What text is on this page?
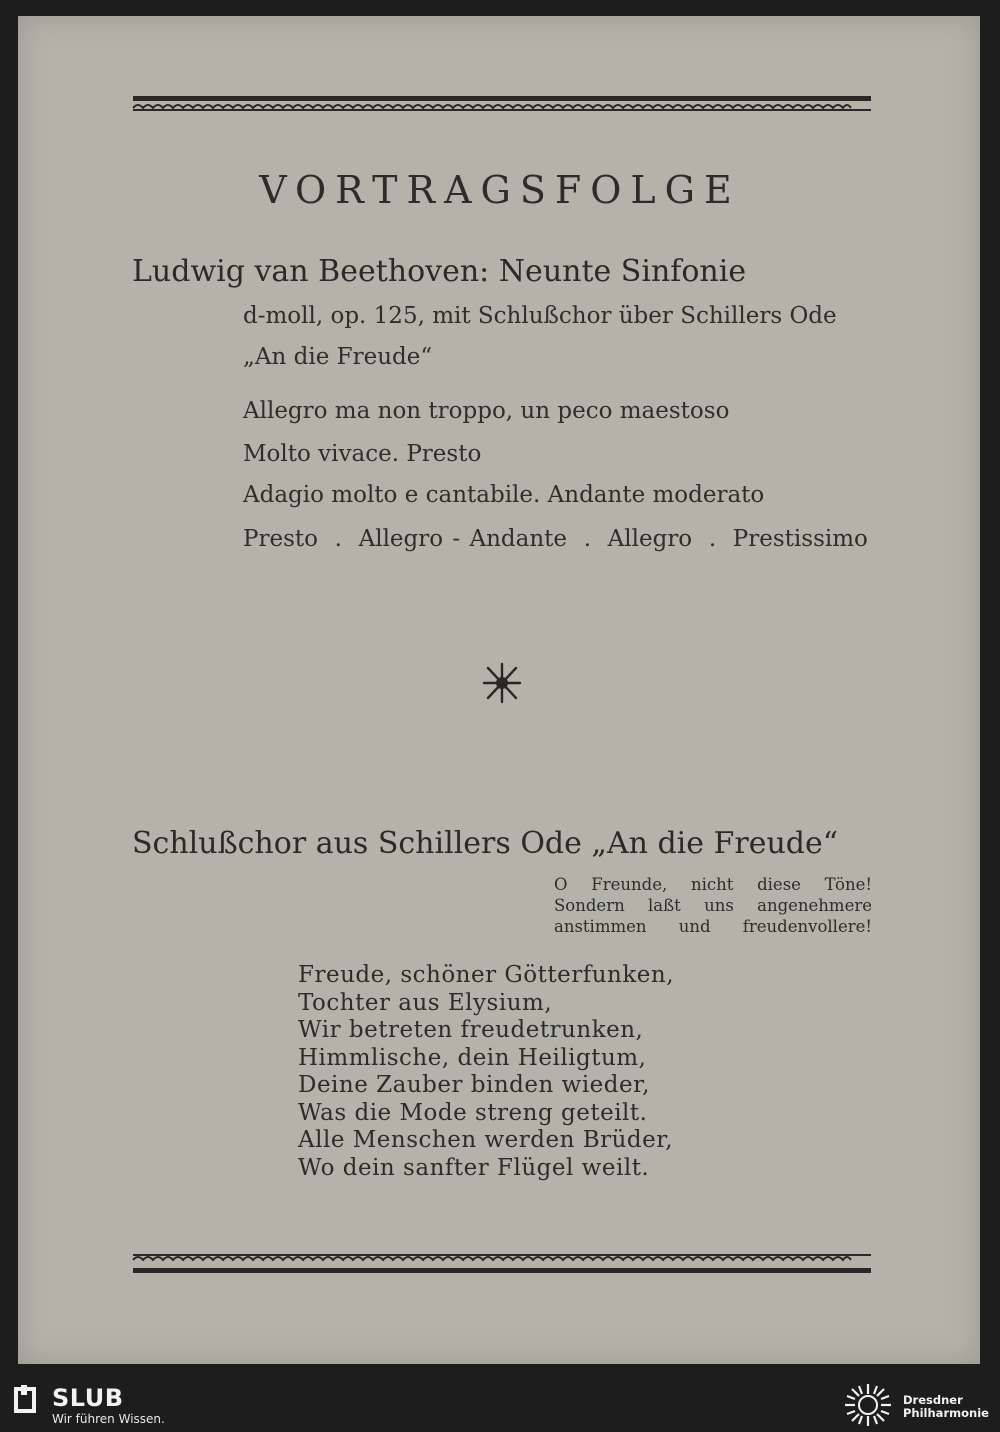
VORTRAGSFOLGE
Ludwig van Beethoven: Neunte Sinfonie
d-moll, op. 125, mit Schlußchor über Schillers Ode
„An die Freude“
Allegro ma non troppo, un peco maestoso
Molto vivace. Presto
Adagio molto e cantabile. Andante moderato
Presto . Allegro - Andante . Allegro . Prestissimo
Schlußchor aus Schillers Ode „An die Freude“
O Freunde, nicht diese Töne!
Sondern laßt uns angenehmere
anstimmen und freudenvollere!
Freude, schöner Götterfunken,
Tochter aus Elysium,
Wir betreten freudetrunken,
Himmlische, dein Heiligtum,
Deine Zauber binden wieder,
Was die Mode streng geteilt.
Alle Menschen werden Brüder,
Wo dein sanfter Flügel weilt.
SLUB
Wir führen Wissen.
Dresdner
Philharmonie
